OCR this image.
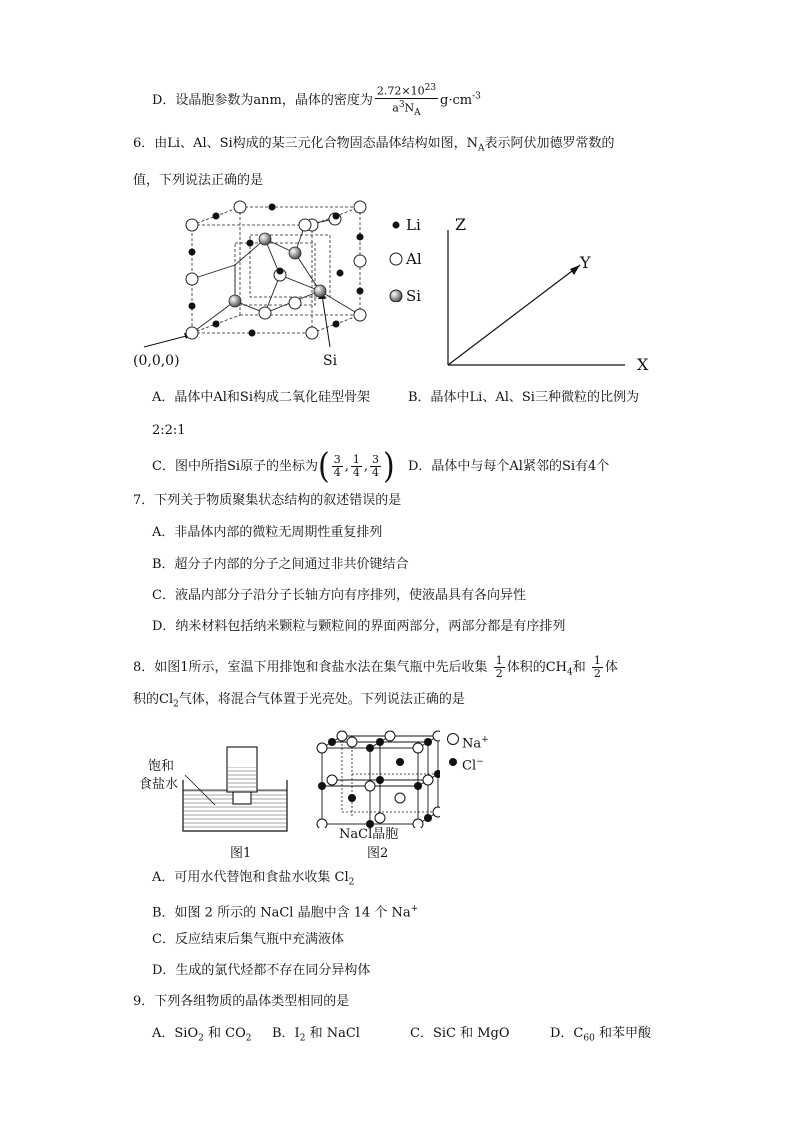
D．设晶胞参数为anm，晶体的密度为 $\frac{2.72\times 10^{23}}{a^3N_A} g\cdot cm^{-3}$
6．由Li、Al、Si构成的某三元化合物固态晶体结构如图，$N_A$表示阿伏加德罗常数的
值，下列说法正确的是
(0,0,0)	Si
Li
Al
Si
Z
Y
X
A．晶体中Al和Si构成二氧化硅型骨架	B．晶体中Li、Al、Si三种微粒的比例为
2:2:1
C．图中所指Si原子的坐标为( $\frac{3}{4}$ , $\frac{1}{4}$ , $\frac{3}{4}$ ) D．晶体中与每个Al紧邻的Si有4个
7．下列关于物质聚集状态结构的叙述错误的是
A．非晶体内部的微粒无周期性重复排列
B．超分子内部的分子之间通过非共价键结合
C．液晶内部分子沿分子长轴方向有序排列，使液晶具有各向异性
D．纳米材料包括纳米颗粒与颗粒间的界面两部分，两部分都是有序排列
8．如图1所示，室温下用排饱和食盐水法在集气瓶中先后收集 $\frac{1}{2}$ 体积的$CH_4$和 $\frac{1}{2}$ 体
积的$Cl_2$气体，将混合气体置于光亮处。下列说法正确的是
饱和
食盐水
图1
NaCl晶胞
图2
Na+
Cl−
A．可用水代替饱和食盐水收集 $Cl_2$
B．如图 2 所示的 NaCl 晶胞中含 14 个 Na+
C．反应结束后集气瓶中充满液体
D．生成的氯代烃都不存在同分异构体
9．下列各组物质的晶体类型相同的是
A．SiO$_2$ 和 $CO_2$ B．$I_2$ 和 NaCl	C．SiC 和 MgO	D．$C_{60}$ 和苯甲酸
